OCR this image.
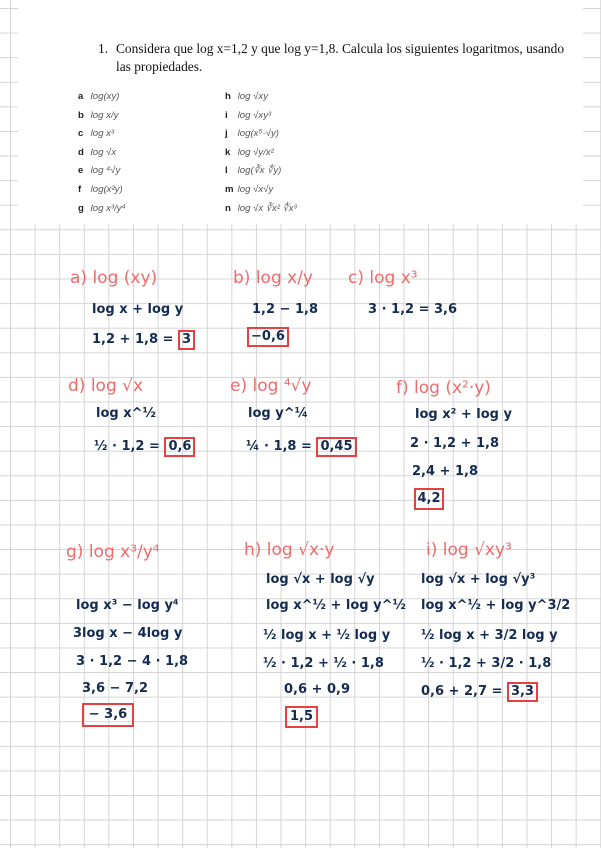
1. Considera que log x=1,2 y que log y=1,8. Calcula los siguientes logaritmos, usando las propiedades.
a log(xy)
b log x/y
c log x³
d log √x
e log ⁴√y
f log(x²y)
g log x³/y⁴
h log √xy
i log √xy³
j log(x⁵·√y)
k log √y/x²
l log(∛x ∜y)
m log √x√y
n log √x ∛x² ∜x³
a) log (xy)
log x + log y
1,2 + 1,8 = 3
b) log x/y
1,2 − 1,8
−0,6
c) log x³
3 · 1,2 = 3,6
d) log √x
log x^½
½ · 1,2 = 0,6
e) log ⁴√y
log y^¼
¼ · 1,8 = 0,45
f) log (x²·y)
log x² + log y
2 · 1,2 + 1,8
2,4 + 1,8
4,2
g) log x³/y⁴
log x³ − log y⁴
3log x − 4log y
3 · 1,2 − 4 · 1,8
3,6 − 7,2
− 3,6
h) log √x·y
log √x + log √y
log x^½ + log y^½
½ log x + ½ log y
½ · 1,2 + ½ · 1,8
0,6 + 0,9
1,5
i) log √xy³
log √x + log √y³
log x^½ + log y^3/2
½ log x + 3/2 log y
½ · 1,2 + 3/2 · 1,8
0,6 + 2,7 = 3,3
